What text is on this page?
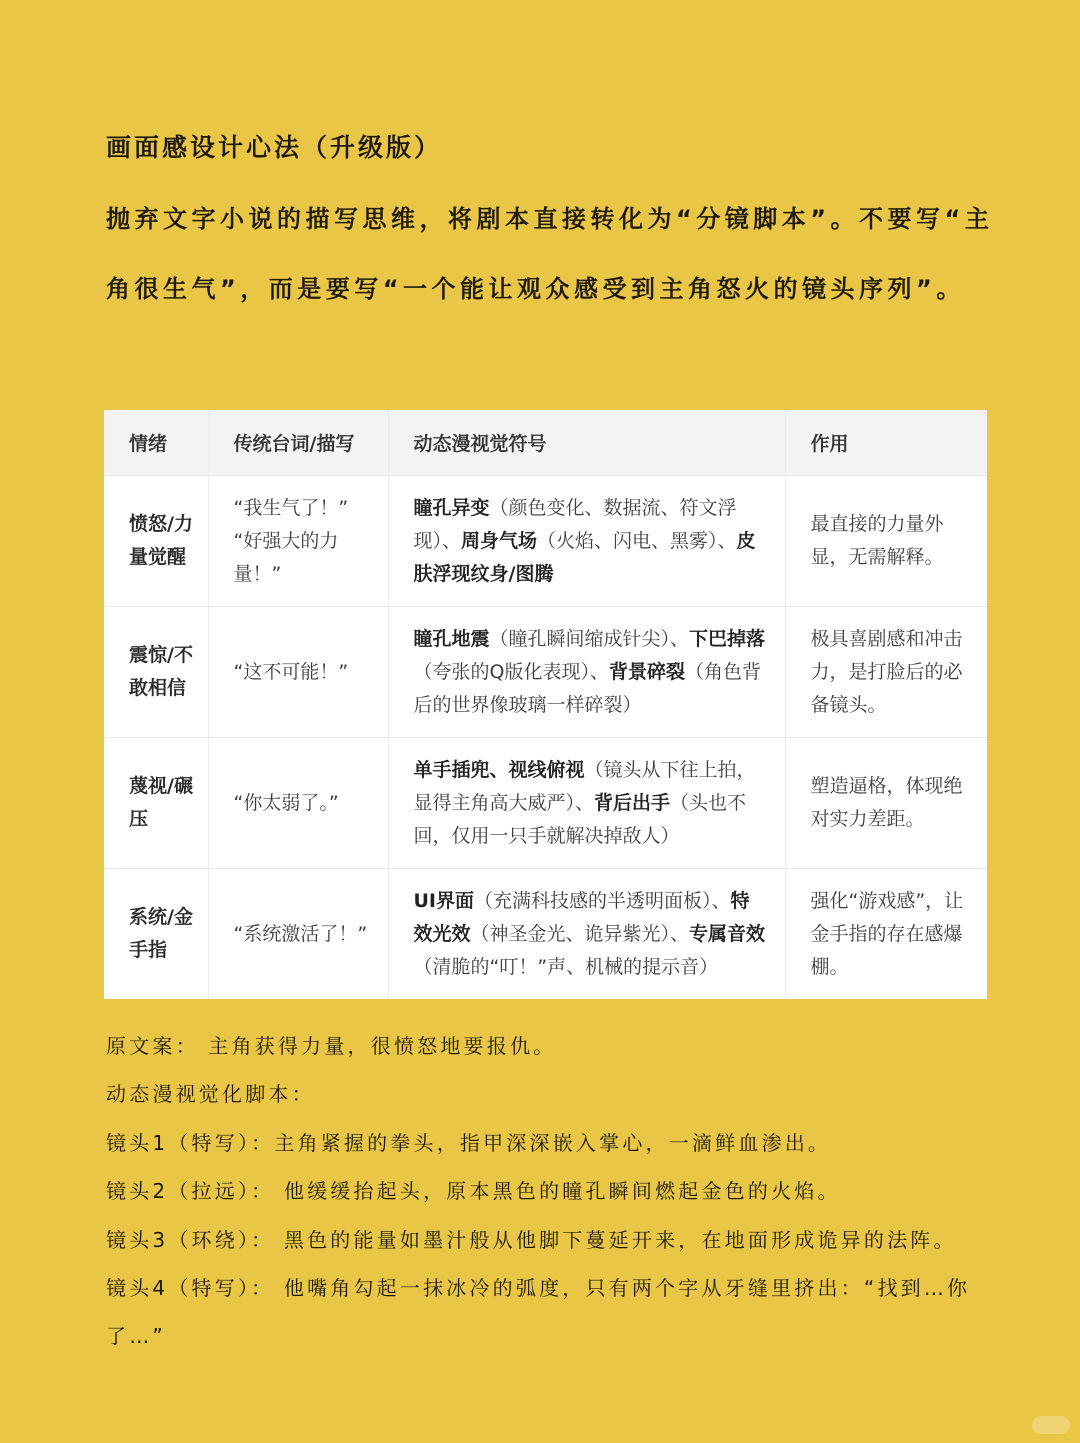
画面感设计心法（升级版）
抛弃文字小说的描写思维，将剧本直接转化为“分镜脚本”。不要写“主角很生气”，而是要写“一个能让观众感受到主角怒火的镜头序列”。
情绪	传统台词/描写	动态漫视觉符号	作用
愤怒/力量觉醒	“我生气了！” “好强大的力量！”	瞳孔异变（颜色变化、数据流、符文浮现）、周身气场（火焰、闪电、黑雾）、皮肤浮现纹身/图腾	最直接的力量外显，无需解释。
震惊/不敢相信	“这不可能！”	瞳孔地震（瞳孔瞬间缩成针尖）、下巴掉落（夸张的Q版化表现）、背景碎裂（角色背后的世界像玻璃一样碎裂）	极具喜剧感和冲击力，是打脸后的必备镜头。
蔑视/碾压	“你太弱了。”	单手插兜、视线俯视（镜头从下往上拍，显得主角高大威严）、背后出手（头也不回，仅用一只手就解决掉敌人）	塑造逼格，体现绝对实力差距。
系统/金手指	“系统激活了！”	UI界面（充满科技感的半透明面板）、特效光效（神圣金光、诡异紫光）、专属音效（清脆的“叮！”声、机械的提示音）	强化“游戏感”，让金手指的存在感爆棚。

原文案： 主角获得力量，很愤怒地要报仇。

动态漫视觉化脚本：

镜头1（特写）：主角紧握的拳头，指甲深深嵌入掌心，一滴鲜血渗出。

镜头2（拉远）： 他缓缓抬起头，原本黑色的瞳孔瞬间燃起金色的火焰。

镜头3（环绕）： 黑色的能量如墨汁般从他脚下蔓延开来，在地面形成诡异的法阵。

镜头4（特写）： 他嘴角勾起一抹冰冷的弧度，只有两个字从牙缝里挤出：“找到…你了…”
